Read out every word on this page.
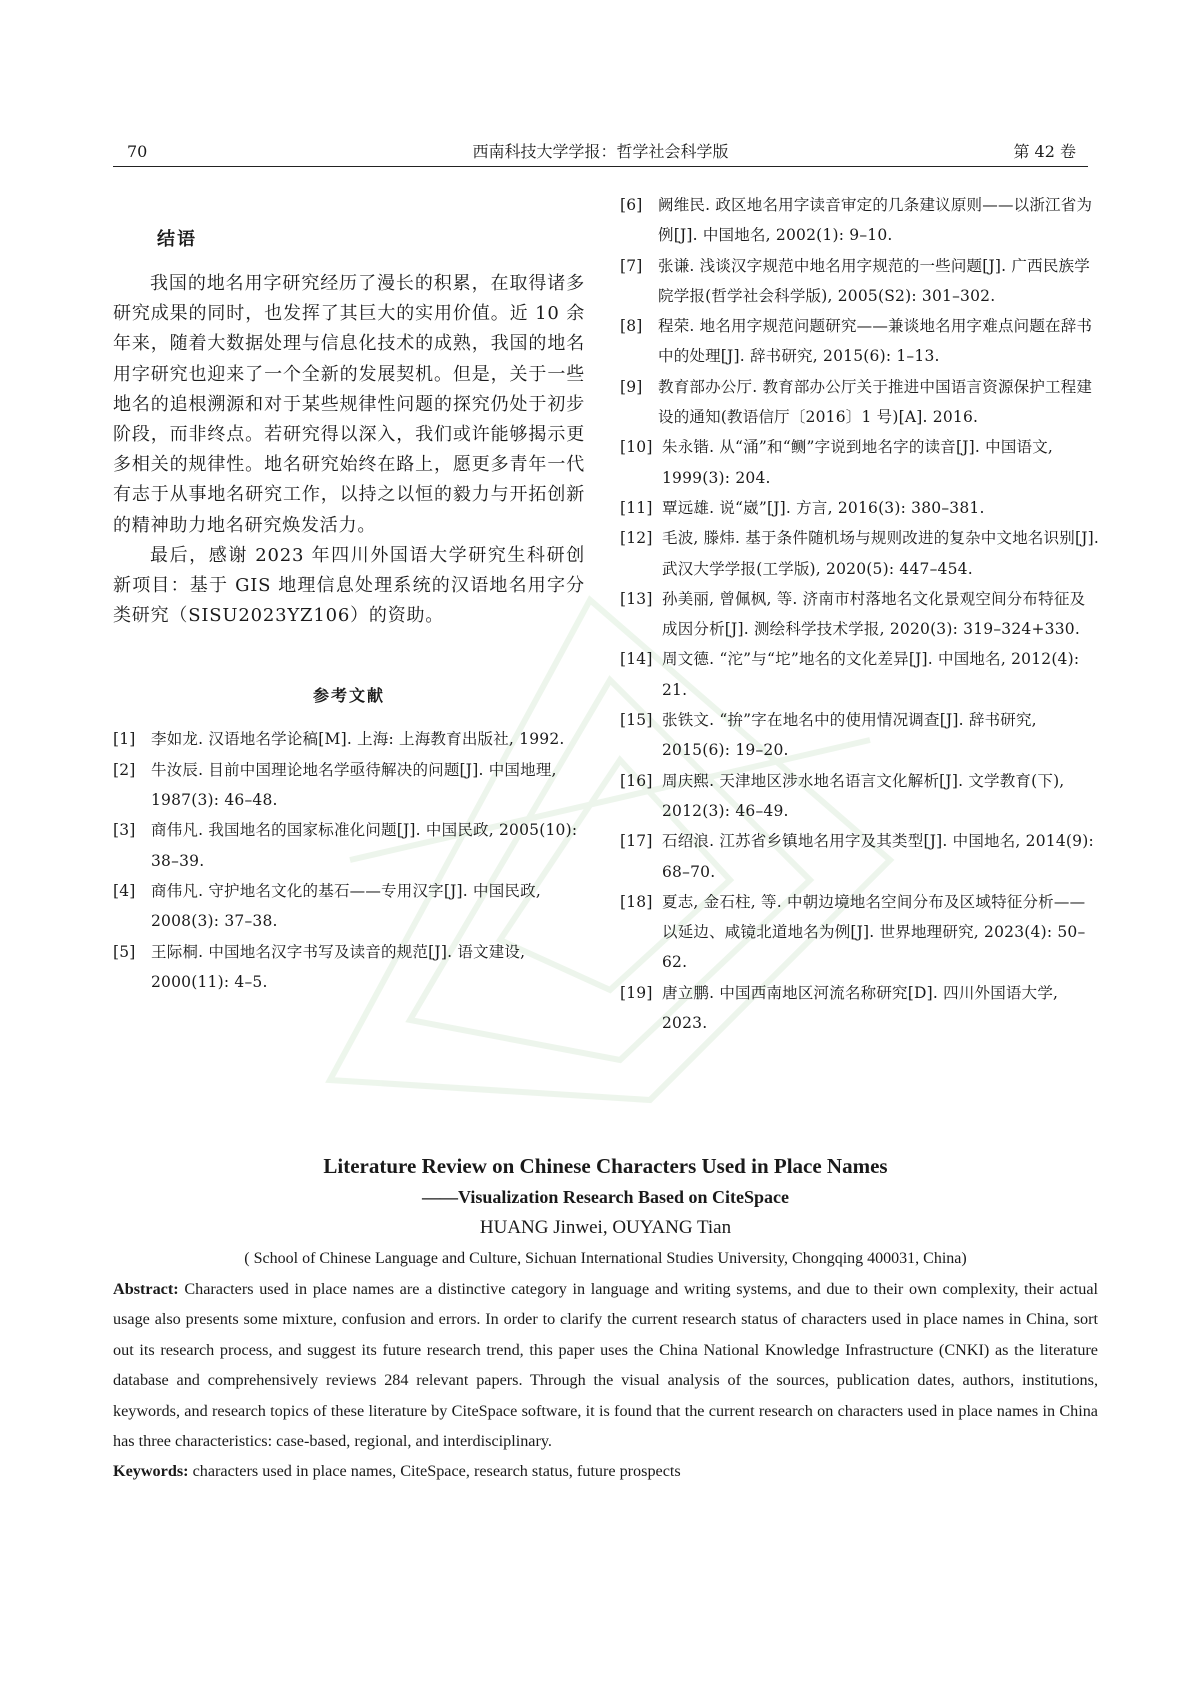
70	西南科技大学学报：哲学社会科学版	第 42 卷
结语

我国的地名用字研究经历了漫长的积累，在取得诸多研究成果的同时，也发挥了其巨大的实用价值。近 10 余年来，随着大数据处理与信息化技术的成熟，我国的地名用字研究也迎来了一个全新的发展契机。但是，关于一些地名的追根溯源和对于某些规律性问题的探究仍处于初步阶段，而非终点。若研究得以深入，我们或许能够揭示更多相关的规律性。地名研究始终在路上，愿更多青年一代有志于从事地名研究工作，以持之以恒的毅力与开拓创新的精神助力地名研究焕发活力。

最后，感谢 2023 年四川外国语大学研究生科研创新项目：基于 GIS 地理信息处理系统的汉语地名用字分类研究（SISU2023YZ106）的资助。

参考文献
[1] 李如龙. 汉语地名学论稿[M]. 上海: 上海教育出版社, 1992.
[2] 牛汝辰. 目前中国理论地名学亟待解决的问题[J]. 中国地理, 1987(3): 46–48.
[3] 商伟凡. 我国地名的国家标准化问题[J]. 中国民政, 2005(10): 38–39.
[4] 商伟凡. 守护地名文化的基石——专用汉字[J]. 中国民政, 2008(3): 37–38.
[5] 王际桐. 中国地名汉字书写及读音的规范[J]. 语文建设, 2000(11): 4–5.
[6] 阙维民. 政区地名用字读音审定的几条建议原则——以浙江省为例[J]. 中国地名, 2002(1): 9–10.
[7] 张谦. 浅谈汉字规范中地名用字规范的一些问题[J]. 广西民族学院学报(哲学社会科学版), 2005(S2): 301–302.
[8] 程荣. 地名用字规范问题研究——兼谈地名用字难点问题在辞书中的处理[J]. 辞书研究, 2015(6): 1–13.
[9] 教育部办公厅. 教育部办公厅关于推进中国语言资源保护工程建设的通知(教语信厅〔2016〕1 号)[A]. 2016.
[10] 朱永锴. 从“涌”和“鲗”字说到地名字的读音[J]. 中国语文, 1999(3): 204.
[11] 覃远雄. 说“崴”[J]. 方言, 2016(3): 380–381.
[12] 毛波, 滕炜. 基于条件随机场与规则改进的复杂中文地名识别[J]. 武汉大学学报(工学版), 2020(5): 447–454.
[13] 孙美丽, 曾佩枫, 等. 济南市村落地名文化景观空间分布特征及成因分析[J]. 测绘科学技术学报, 2020(3): 319–324+330.
[14] 周文德. “沱”与“坨”地名的文化差异[J]. 中国地名, 2012(4): 21.
[15] 张铁文. “拚”字在地名中的使用情况调查[J]. 辞书研究, 2015(6): 19–20.
[16] 周庆熙. 天津地区涉水地名语言文化解析[J]. 文学教育(下), 2012(3): 46–49.
[17] 石绍浪. 江苏省乡镇地名用字及其类型[J]. 中国地名, 2014(9): 68–70.
[18] 夏志, 金石柱, 等. 中朝边境地名空间分布及区域特征分析——以延边、咸镜北道地名为例[J]. 世界地理研究, 2023(4): 50–62.
[19] 唐立鹏. 中国西南地区河流名称研究[D]. 四川外国语大学, 2023.
Literature Review on Chinese Characters Used in Place Names
——Visualization Research Based on CiteSpace
HUANG Jinwei, OUYANG Tian
( School of Chinese Language and Culture, Sichuan International Studies University, Chongqing 400031, China)
Abstract: Characters used in place names are a distinctive category in language and writing systems, and due to their own complexity, their actual usage also presents some mixture, confusion and errors. In order to clarify the current research status of characters used in place names in China, sort out its research process, and suggest its future research trend, this paper uses the China National Knowledge Infrastructure (CNKI) as the literature database and comprehensively reviews 284 relevant papers. Through the visual analysis of the sources, publication dates, authors, institutions, keywords, and research topics of these literature by CiteSpace software, it is found that the current research on characters used in place names in China has three characteristics: case-based, regional, and interdisciplinary.
Keywords: characters used in place names, CiteSpace, research status, future prospects
